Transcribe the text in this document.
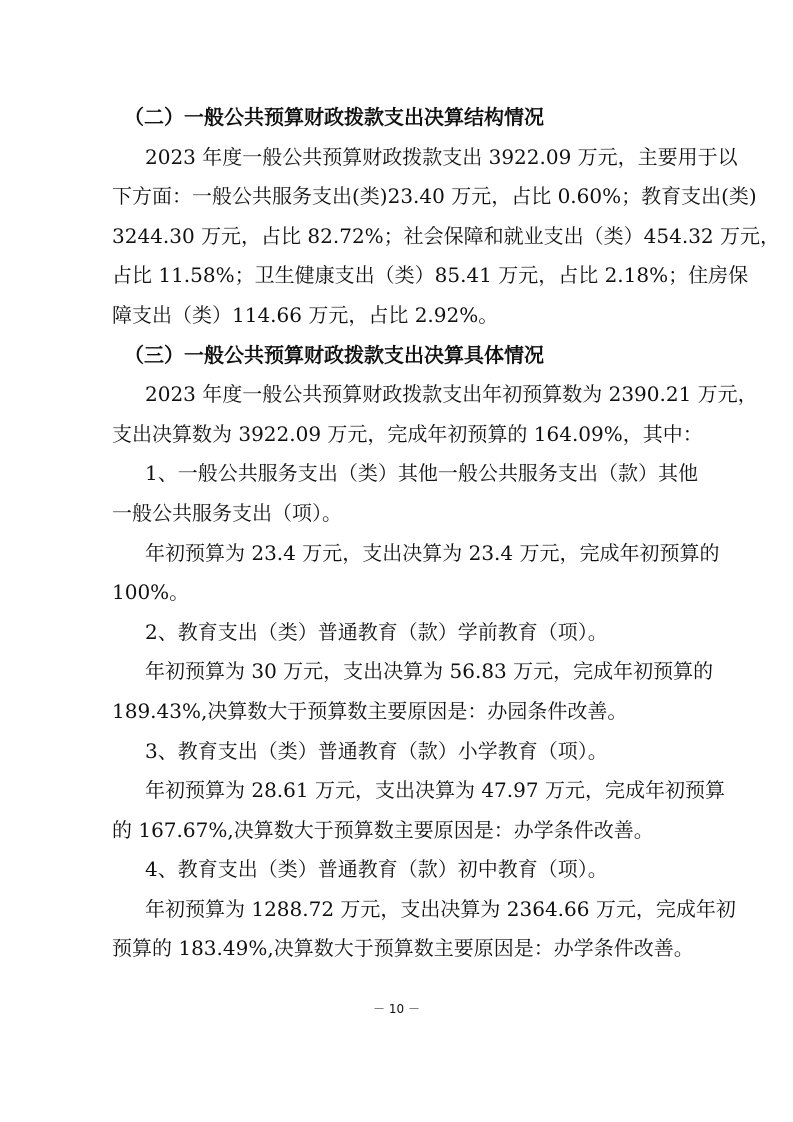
（二）一般公共预算财政拨款支出决算结构情况
2023 年度一般公共预算财政拨款支出 3922.09 万元，主要用于以
下方面：一般公共服务支出(类)23.40 万元，占比 0.60%；教育支出(类)
3244.30 万元，占比 82.72%；社会保障和就业支出（类）454.32 万元，
占比 11.58%；卫生健康支出（类）85.41 万元，占比 2.18%；住房保
障支出（类）114.66 万元，占比 2.92%。
（三）一般公共预算财政拨款支出决算具体情况
2023 年度一般公共预算财政拨款支出年初预算数为 2390.21 万元，
支出决算数为 3922.09 万元，完成年初预算的 164.09%，其中：
1、一般公共服务支出（类）其他一般公共服务支出（款）其他
一般公共服务支出（项）。
年初预算为 23.4 万元，支出决算为 23.4 万元，完成年初预算的
100%。
2、教育支出（类）普通教育（款）学前教育（项）。
年初预算为 30 万元，支出决算为 56.83 万元，完成年初预算的
189.43%,决算数大于预算数主要原因是：办园条件改善。
3、教育支出（类）普通教育（款）小学教育（项）。
年初预算为 28.61 万元，支出决算为 47.97 万元，完成年初预算
的 167.67%,决算数大于预算数主要原因是：办学条件改善。
4、教育支出（类）普通教育（款）初中教育（项）。
年初预算为 1288.72 万元，支出决算为 2364.66 万元，完成年初
预算的 183.49%,决算数大于预算数主要原因是：办学条件改善。
－ 10 －
